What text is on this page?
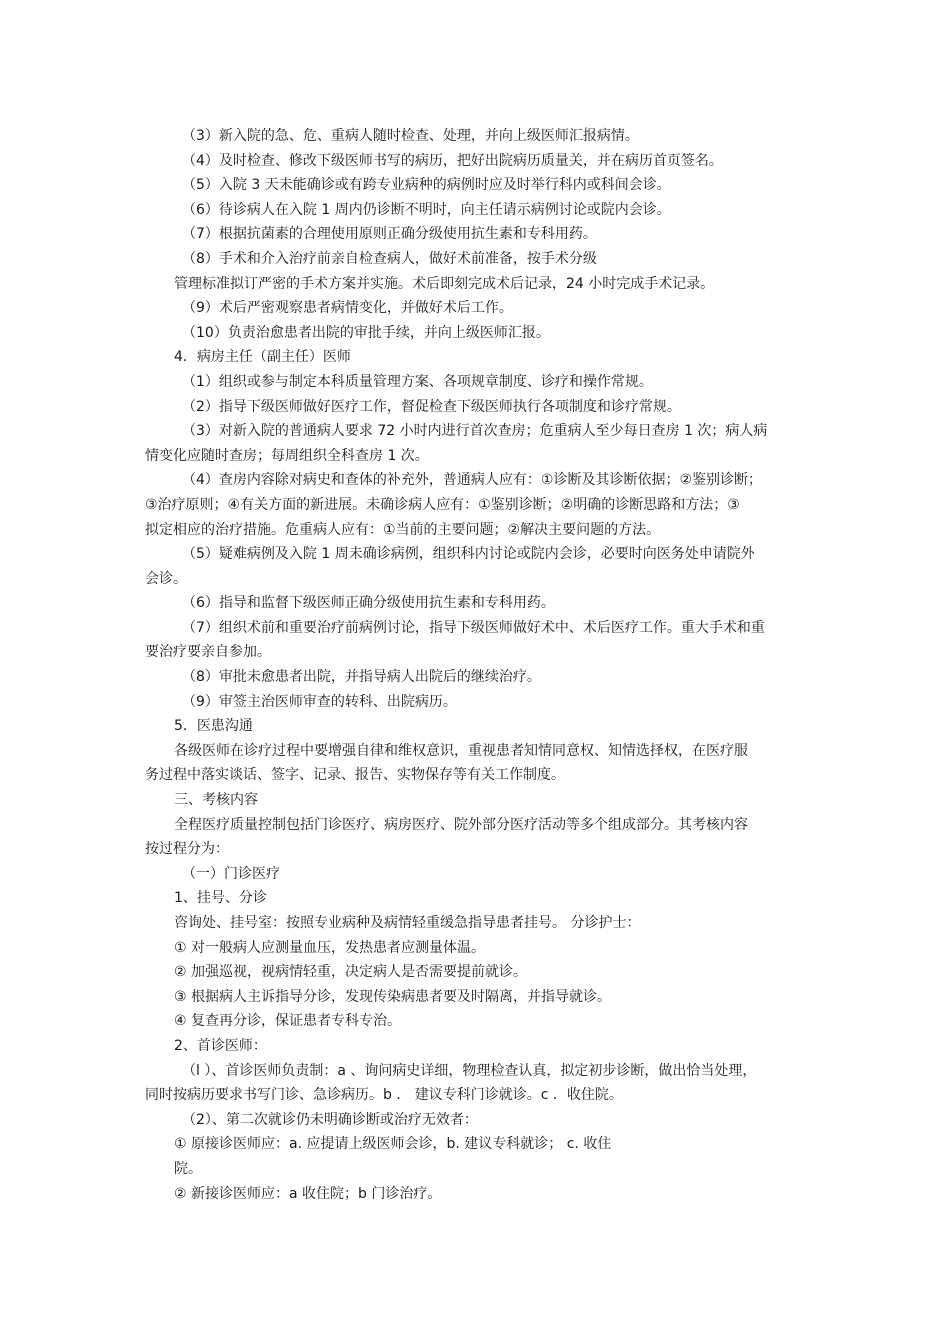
（3）新入院的急、危、重病人随时检查、处理，并向上级医师汇报病情。
（4）及时检查、修改下级医师书写的病历，把好出院病历质量关，并在病历首页签名。
（5）入院 3 天未能确诊或有跨专业病种的病例时应及时举行科内或科间会诊。
（6）待诊病人在入院 1 周内仍诊断不明时，向主任请示病例讨论或院内会诊。
（7）根据抗菌素的合理使用原则正确分级使用抗生素和专科用药。
（8）手术和介入治疗前亲自检查病人，做好术前准备，按手术分级
管理标准拟订严密的手术方案并实施。术后即刻完成术后记录，24 小时完成手术记录。
（9）术后严密观察患者病情变化，并做好术后工作。
（10）负责治愈患者出院的审批手续，并向上级医师汇报。
4．病房主任（副主任）医师
（1）组织或参与制定本科质量管理方案、各项规章制度、诊疗和操作常规。
（2）指导下级医师做好医疗工作，督促检查下级医师执行各项制度和诊疗常规。
（3）对新入院的普通病人要求 72 小时内进行首次查房；危重病人至少每日查房 1 次；病人病
情变化应随时查房；每周组织全科查房 1 次。
（4）查房内容除对病史和查体的补充外，普通病人应有：①诊断及其诊断依据；②鉴别诊断；
③治疗原则；④有关方面的新进展。未确诊病人应有：①鉴别诊断；②明确的诊断思路和方法；③
拟定相应的治疗措施。危重病人应有：①当前的主要问题；②解决主要问题的方法。
（5）疑难病例及入院 1 周未确诊病例，组织科内讨论或院内会诊，必要时向医务处申请院外
会诊。
（6）指导和监督下级医师正确分级使用抗生素和专科用药。
（7）组织术前和重要治疗前病例讨论，指导下级医师做好术中、术后医疗工作。重大手术和重
要治疗要亲自参加。
（8）审批未愈患者出院，并指导病人出院后的继续治疗。
（9）审签主治医师审查的转科、出院病历。
5．医患沟通
各级医师在诊疗过程中要增强自律和维权意识，重视患者知情同意权、知情选择权，在医疗服
务过程中落实谈话、签字、记录、报告、实物保存等有关工作制度。
三、考核内容
全程医疗质量控制包括门诊医疗、病房医疗、院外部分医疗活动等多个组成部分。其考核内容
按过程分为：
（一）门诊医疗
1、挂号、分诊
咨询处、挂号室：按照专业病种及病情轻重缓急指导患者挂号。 分诊护士：
① 对一般病人应测量血压，发热患者应测量体温。
② 加强巡视，视病情轻重，决定病人是否需要提前就诊。
③ 根据病人主诉指导分诊，发现传染病患者要及时隔离，并指导就诊。
④ 复查再分诊，保证患者专科专治。
2、首诊医师：
（l ）、首诊医师负责制：a 、询问病史详细，物理检查认真，拟定初步诊断，做出恰当处理，
同时按病历要求书写门诊、急诊病历。b ． 建议专科门诊就诊。c ．收住院。
（2）、第二次就诊仍未明确诊断或治疗无效者：
① 原接诊医师应：a. 应提请上级医师会诊，b. 建议专科就诊； c. 收住
院。
② 新接诊医师应：a 收住院；b 门诊治疗。
